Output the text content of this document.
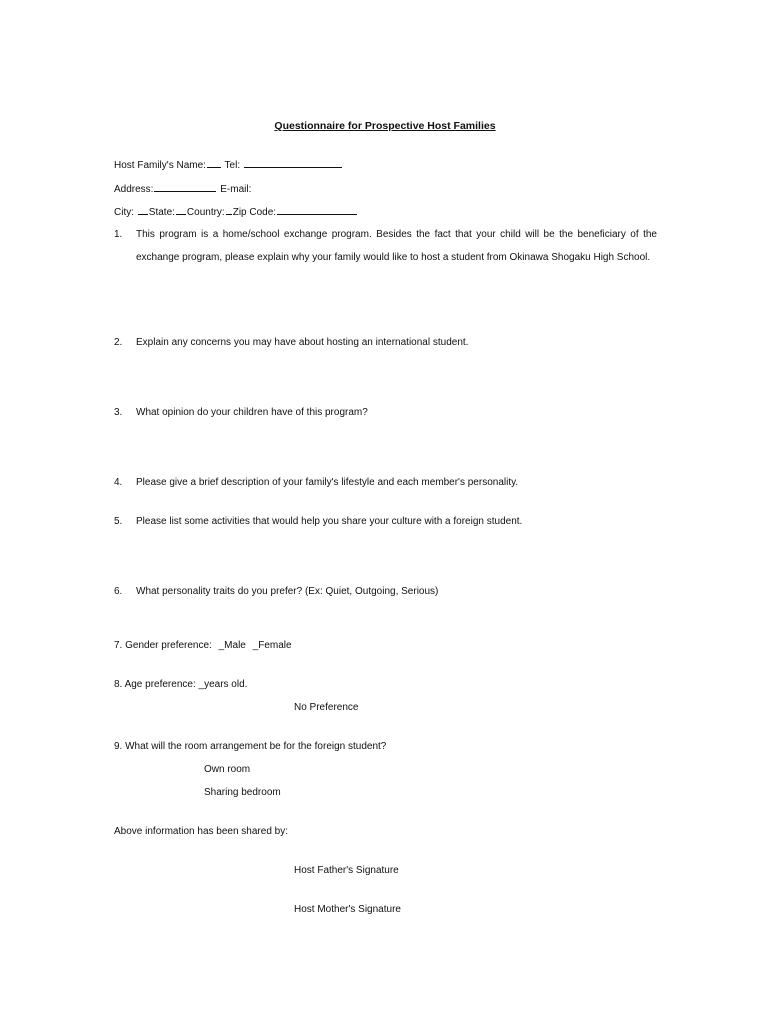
Questionnaire for Prospective Host Families
Host Family's Name: Tel:
Address:	E-mail:
City: State: Country: Zip Code:
1. This program is a home/school exchange program. Besides the fact that your child will be the beneficiary of the
exchange program, please explain why your family would like to host a student from Okinawa Shogaku High School.
2. Explain any concerns you may have about hosting an international student.
3. What opinion do your children have of this program?
4. Please give a brief description of your family's lifestyle and each member's personality.
5. Please list some activities that would help you share your culture with a foreign student.
6. What personality traits do you prefer? (Ex: Quiet, Outgoing, Serious)
7. Gender preference: _Male _Female
8. Age preference: _years old.
No Preference
9. What will the room arrangement be for the foreign student?
Own room
Sharing bedroom
Above information has been shared by:
Host Father's Signature
Host Mother's Signature
